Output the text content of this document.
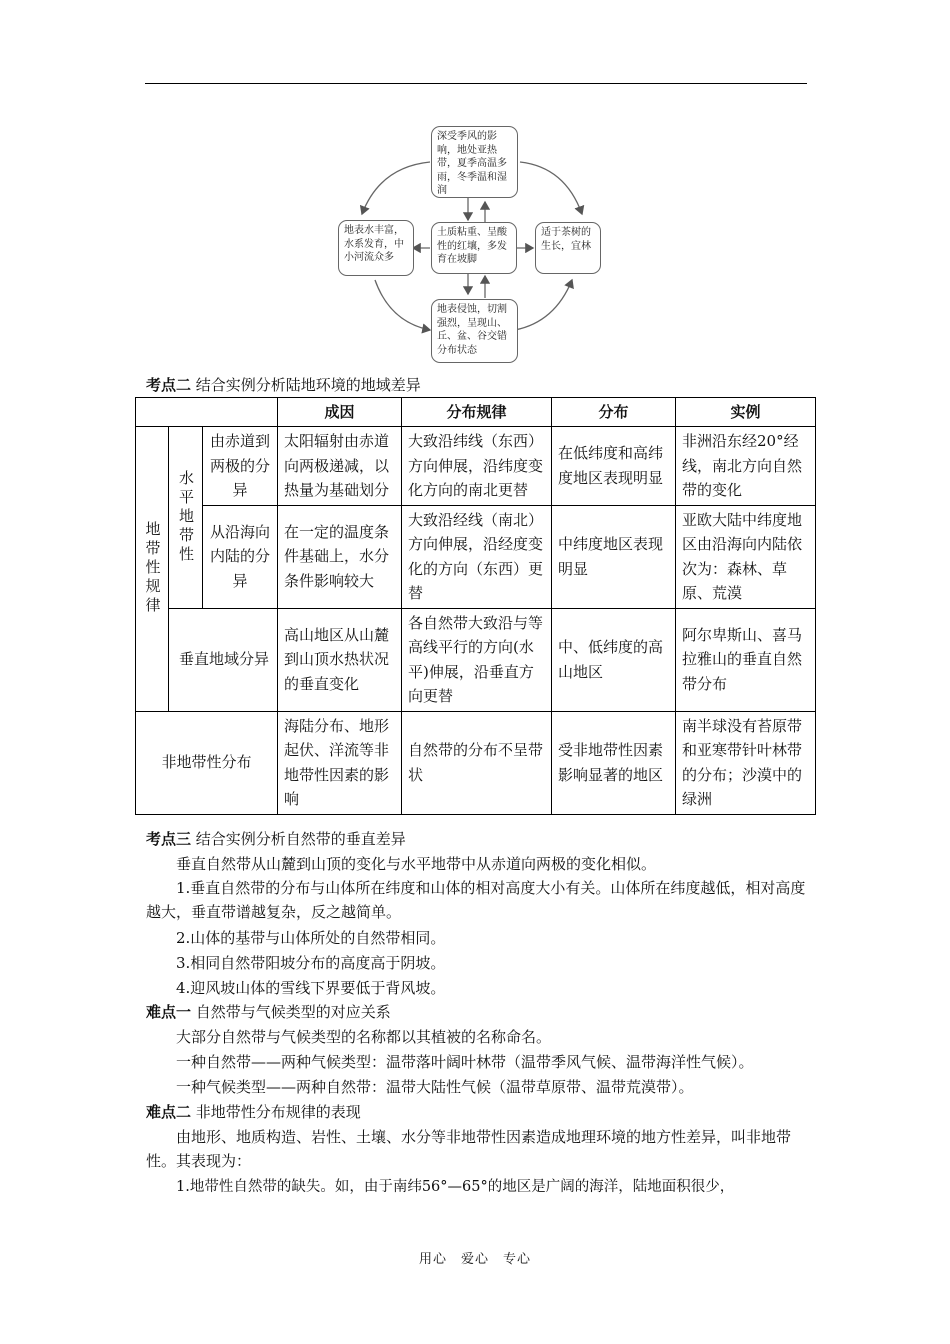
深受季风的影响，地处亚热带，夏季高温多雨，冬季温和湿润
地表水丰富，水系发育，中小河流众多
土质粘重、呈酸性的红壤，多发育在坡脚
适于茶树的生长，宜林
地表侵蚀，切割强烈，呈现山、丘、盆、谷交错分布状态
考点二 结合实例分析陆地环境的地域差异
			成因	分布规律	分布	实例
地带性规律	水平地带性	由赤道到两极的分异	太阳辐射由赤道向两极递减，以热量为基础划分	大致沿纬线（东西）方向伸展，沿纬度变化方向的南北更替	在低纬度和高纬度地区表现明显	非洲沿东经20°经线，南北方向自然带的变化
		从沿海向内陆的分异	在一定的温度条件基础上，水分条件影响较大	大致沿经线（南北）方向伸展，沿经度变化的方向（东西）更替	中纬度地区表现明显	亚欧大陆中纬度地区由沿海向内陆依次为：森林、草原、荒漠
	垂直地域分异		高山地区从山麓到山顶水热状况的垂直变化	各自然带大致沿与等高线平行的方向(水平)伸展，沿垂直方向更替	中、低纬度的高山地区	阿尔卑斯山、喜马拉雅山的垂直自然带分布
非地带性分布			海陆分布、地形起伏、洋流等非地带性因素的影响	自然带的分布不呈带状	受非地带性因素影响显著的地区	南半球没有苔原带和亚寒带针叶林带的分布；沙漠中的绿洲
考点三 结合实例分析自然带的垂直差异
垂直自然带从山麓到山顶的变化与水平地带中从赤道向两极的变化相似。
1.垂直自然带的分布与山体所在纬度和山体的相对高度大小有关。山体所在纬度越低，相对高度越大，垂直带谱越复杂，反之越简单。
2.山体的基带与山体所处的自然带相同。
3.相同自然带阳坡分布的高度高于阴坡。
4.迎风坡山体的雪线下界要低于背风坡。
难点一 自然带与气候类型的对应关系
大部分自然带与气候类型的名称都以其植被的名称命名。
一种自然带——两种气候类型：温带落叶阔叶林带（温带季风气候、温带海洋性气候）。
一种气候类型——两种自然带：温带大陆性气候（温带草原带、温带荒漠带）。
难点二 非地带性分布规律的表现
由地形、地质构造、岩性、土壤、水分等非地带性因素造成地理环境的地方性差异，叫非地带性。其表现为：
1.地带性自然带的缺失。如，由于南纬56°—65°的地区是广阔的海洋，陆地面积很少，
用心　爱心　专心
